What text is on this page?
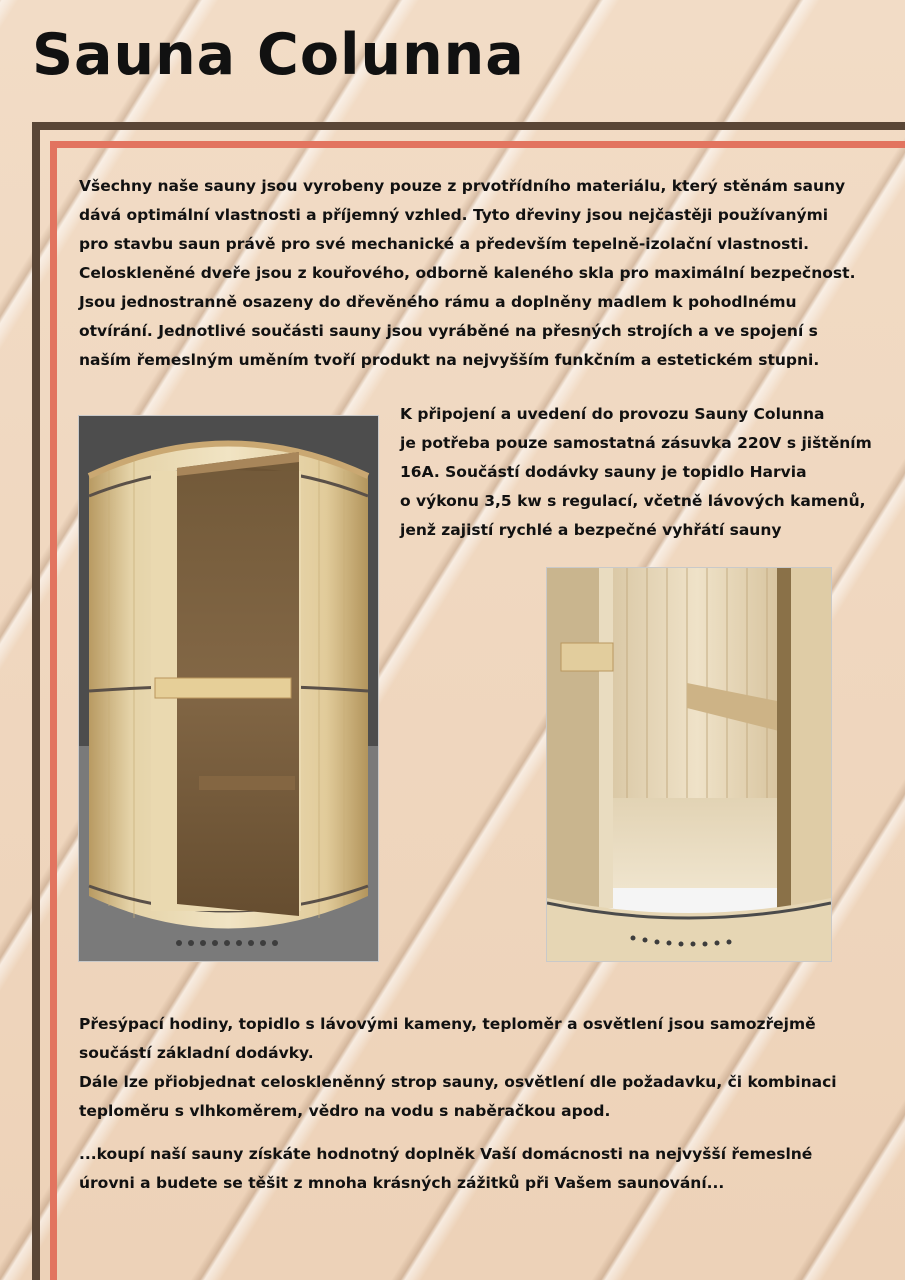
Sauna Colunna

Všechny naše sauny jsou vyrobeny pouze z prvotřídního materiálu, který stěnám sauny

dává optimální vlastnosti a příjemný vzhled. Tyto dřeviny jsou nejčastěji používanými

pro stavbu saun právě pro své mechanické a především tepelně-izolační vlastnosti.

Celoskleněné dveře jsou z kouřového, odborně kaleného skla pro maximální bezpečnost.

Jsou jednostranně osazeny do dřevěného rámu a doplněny madlem k pohodlnému

otvírání. Jednotlivé součásti sauny jsou vyráběné na přesných strojích a ve spojení s

naším řemeslným uměním tvoří produkt na nejvyšším funkčním a estetickém stupni.

K připojení a uvedení do provozu Sauny Colunna

je potřeba pouze samostatná zásuvka 220V s jištěním

16A. Součástí dodávky sauny je topidlo Harvia

o výkonu 3,5 kw s regulací, včetně lávových kamenů,

jenž zajistí rychlé a bezpečné vyhřátí sauny

Přesýpací hodiny, topidlo s lávovými kameny, teploměr a osvětlení jsou samozřejmě

součástí základní dodávky.

Dále lze přiobjednat celoskleněnný strop sauny, osvětlení dle požadavku, či kombinaci

teploměru s vlhkoměrem, vědro na vodu s naběračkou apod.

...koupí naší sauny získáte hodnotný doplněk Vaší domácnosti na nejvyšší řemeslné

úrovni a budete se těšit z mnoha krásných zážitků při Vašem saunování...
